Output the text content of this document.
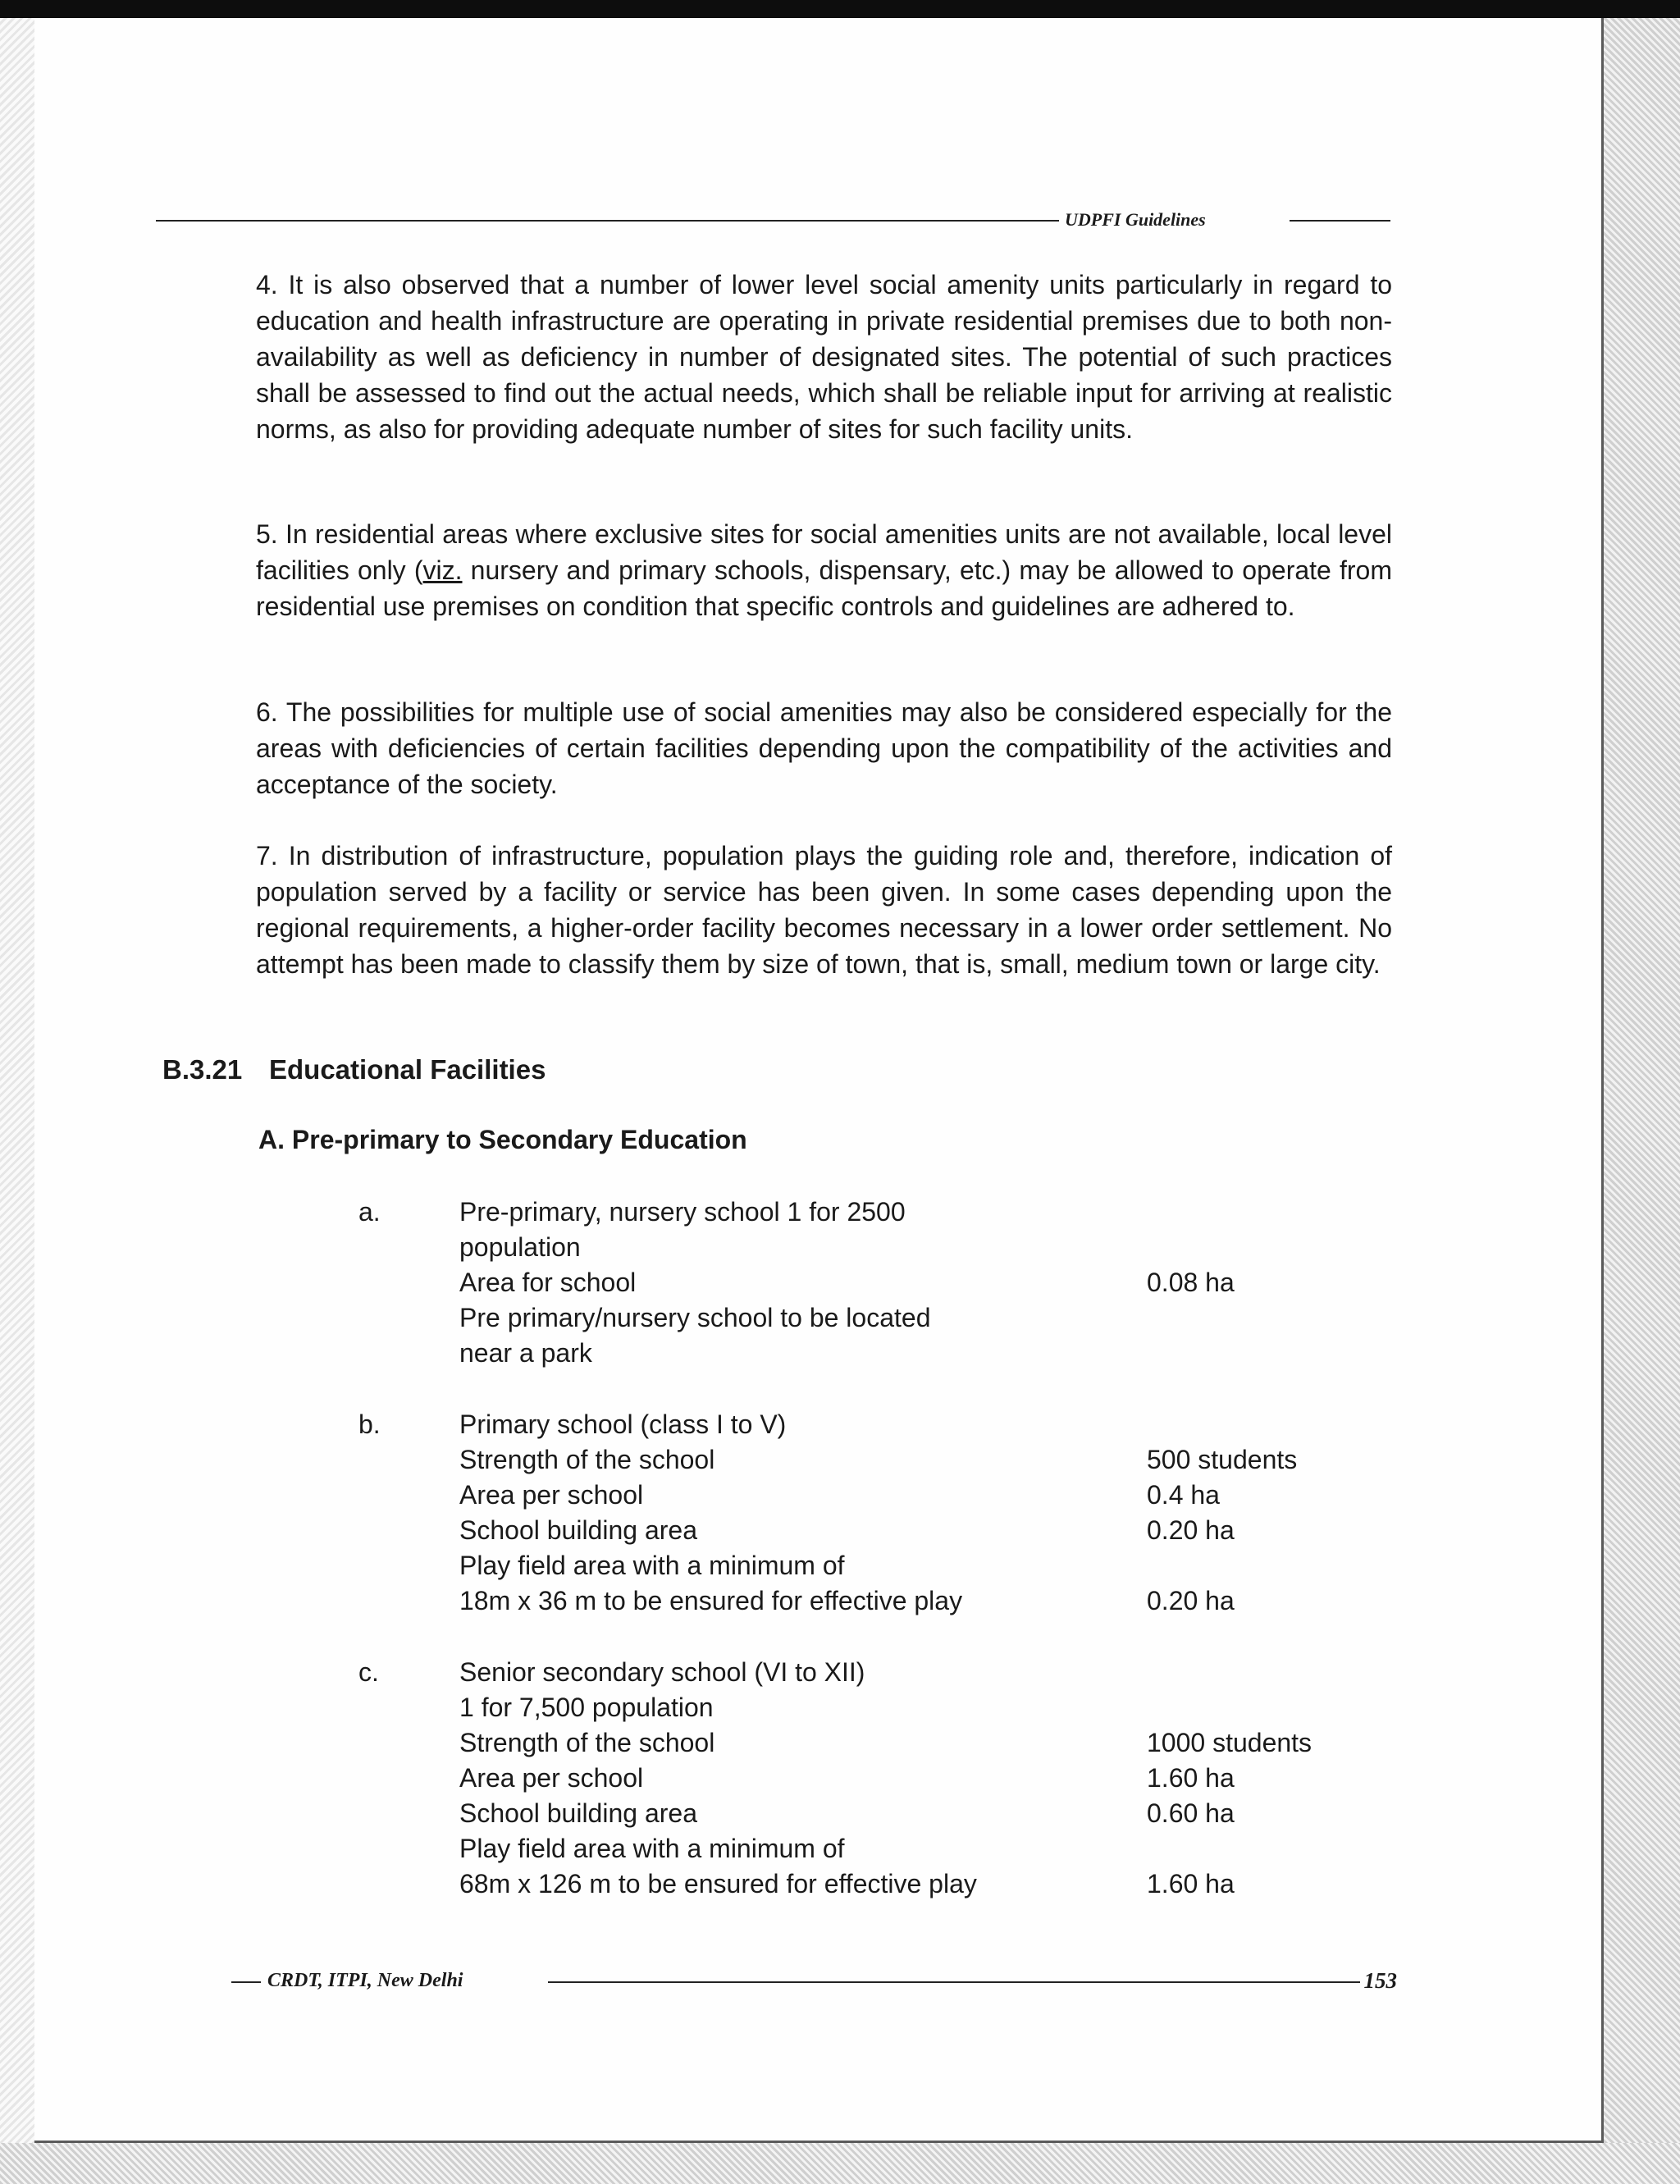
UDPFI Guidelines

4. It is also observed that a number of lower level social amenity units particularly in regard to education and health infrastructure are operating in private residential premises due to both non-availability as well as deficiency in number of designated sites. The potential of such practices shall be assessed to find out the actual needs, which shall be reliable input for arriving at realistic norms, as also for providing adequate number of sites for such facility units.

5. In residential areas where exclusive sites for social amenities units are not available, local level facilities only (viz. nursery and primary schools, dispensary, etc.) may be allowed to operate from residential use premises on condition that specific controls and guidelines are adhered to.

6. The possibilities for multiple use of social amenities may also be considered especially for the areas with deficiencies of certain facilities depending upon the compatibility of the activities and acceptance of the society.

7. In distribution of infrastructure, population plays the guiding role and, therefore, indication of population served by a facility or service has been given. In some cases depending upon the regional requirements, a higher-order facility becomes necessary in a lower order settlement. No attempt has been made to classify them by size of town, that is, small, medium town or large city.

B.3.21 Educational Facilities
A. Pre-primary to Secondary Education
a.	Pre-primary, nursery school 1 for 2500
population
Area for school	0.08 ha
Pre primary/nursery school to be located
near a park
b.	Primary school (class I to V)
Strength of the school	500 students
Area per school	0.4 ha
School building area	0.20 ha
Play field area with a minimum of
18m x 36 m to be ensured for effective play	0.20 ha
c.	Senior secondary school (VI to XII)
1 for 7,500 population
Strength of the school	1000 students
Area per school	1.60 ha
School building area	0.60 ha
Play field area with a minimum of
68m x 126 m to be ensured for effective play	1.60 ha
CRDT, ITPI, New Delhi	153
